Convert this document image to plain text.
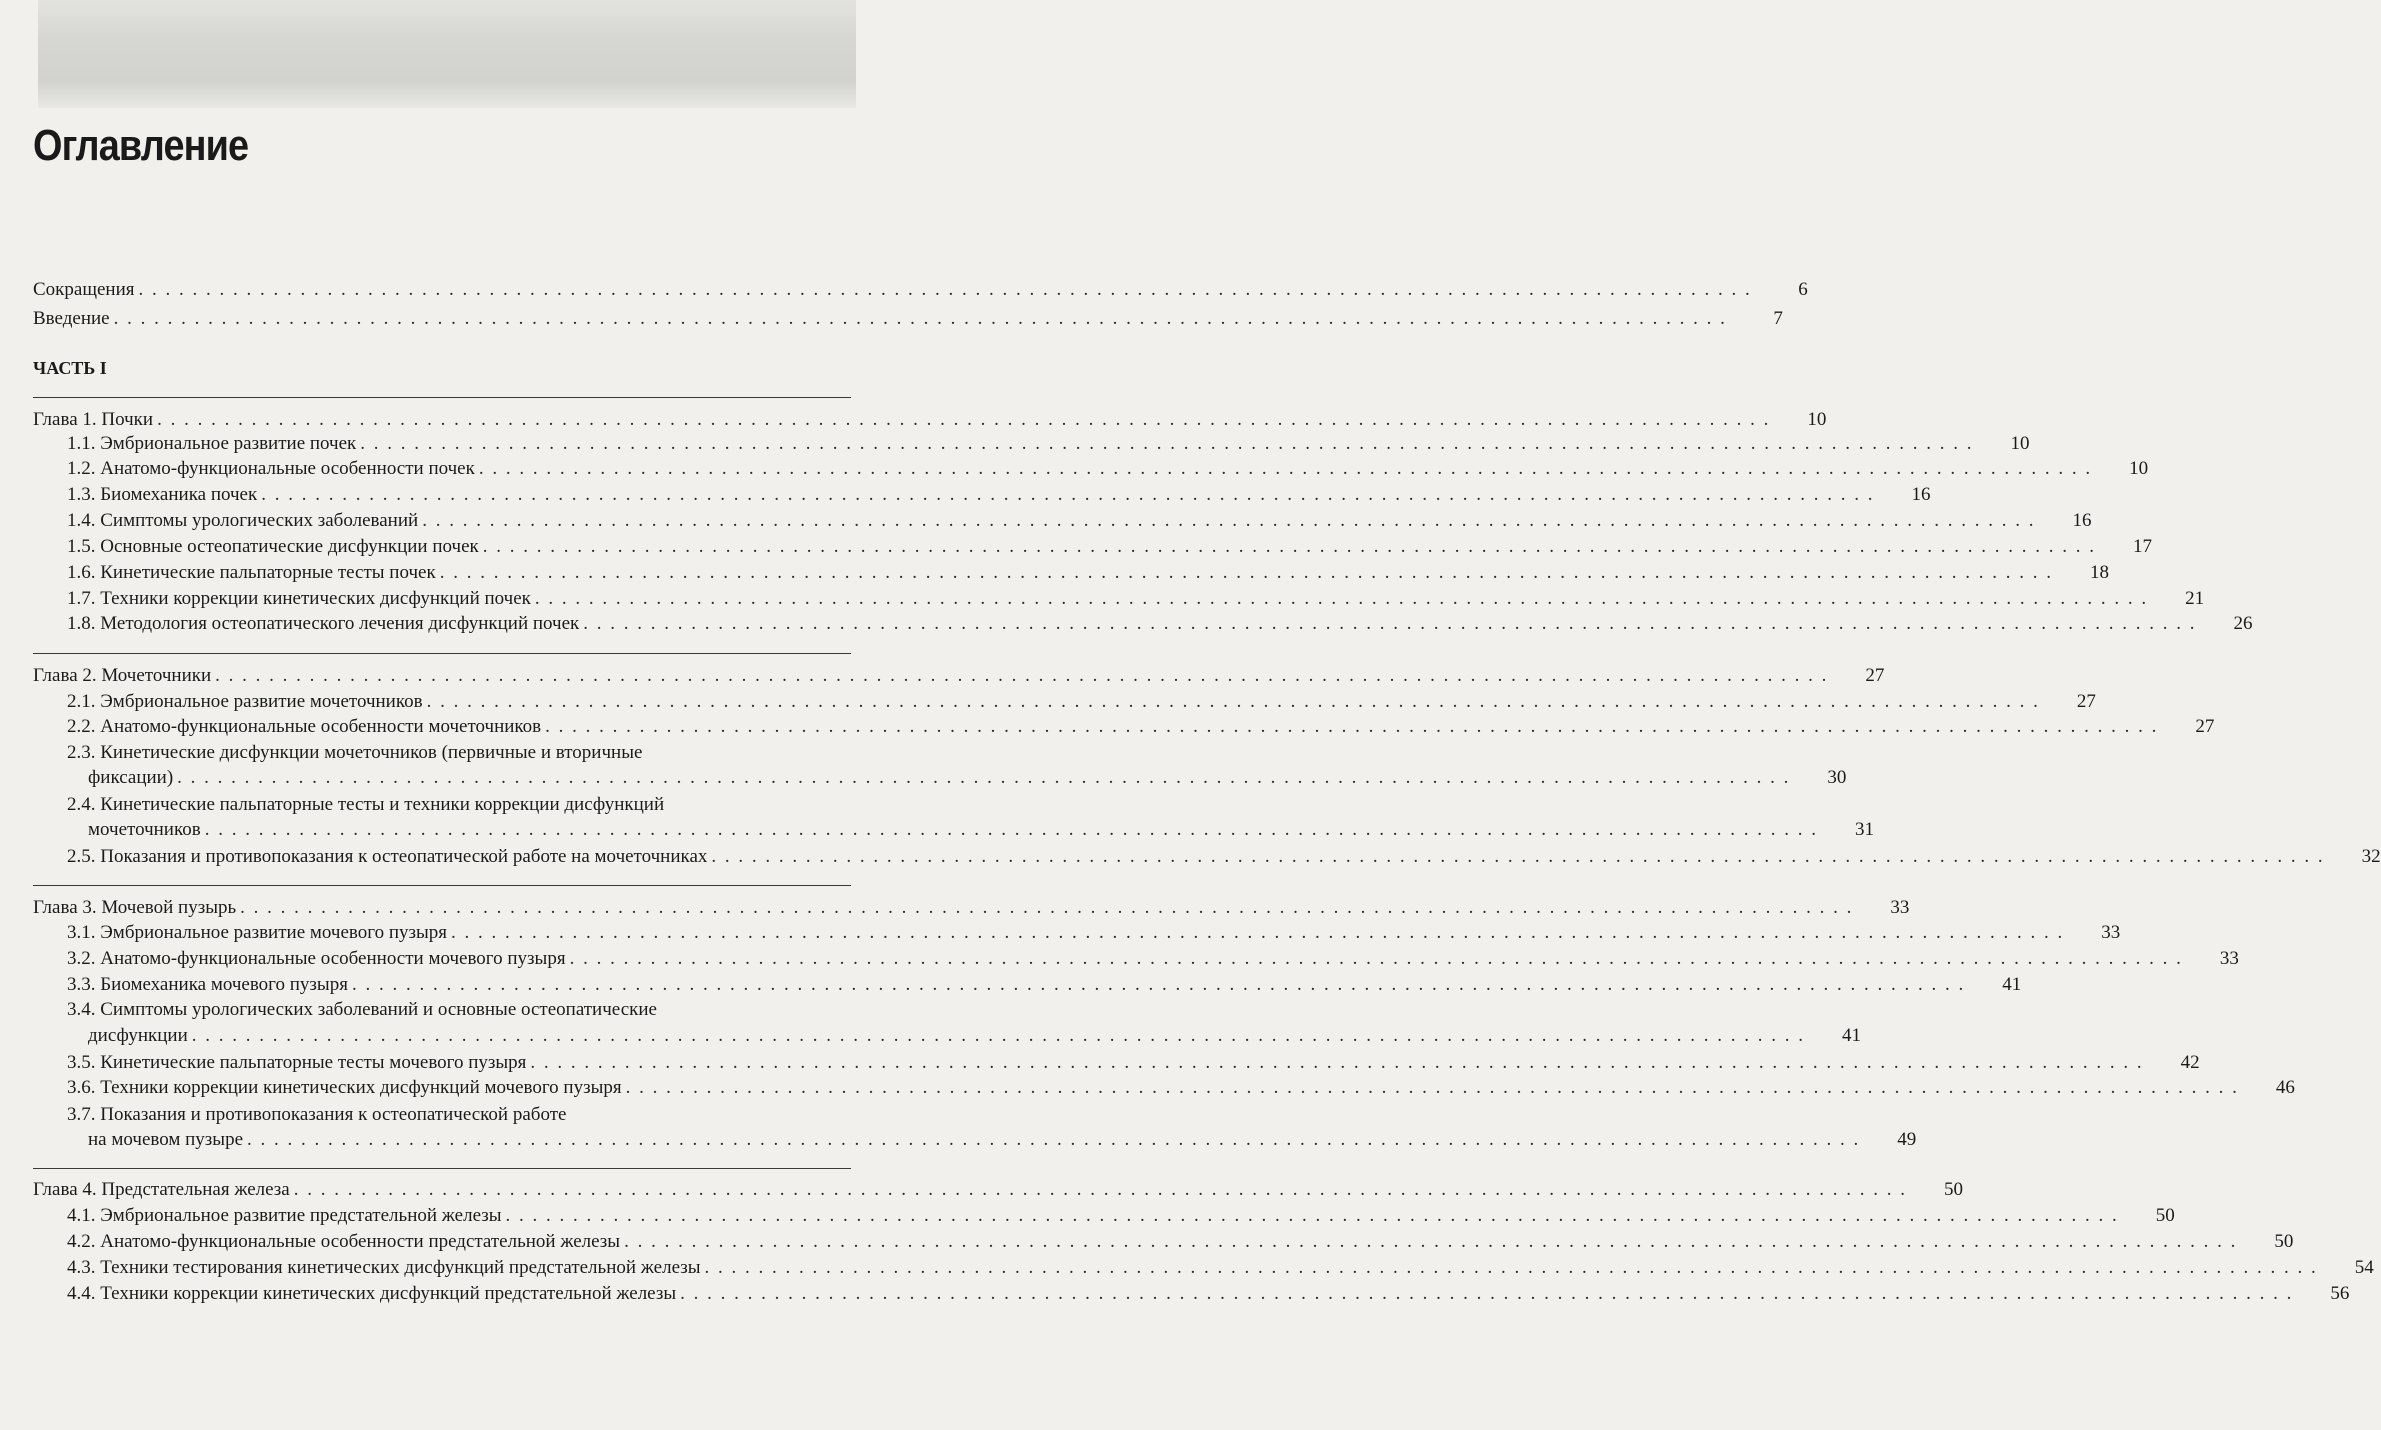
Оглавление
Сокращения . . . . . . . . . . . . . . . . . . . . . . . . . . . . . . . . . . . . . . . . . . . . . . . . . . . . . . . . . . . . . . . . . . . . . . . . . . . . . . . . . . . . . . . . . . . . . . . . . . . . . . . . . . . . . . . . . . . . . . . .	6
Введение . . . . . . . . . . . . . . . . . . . . . . . . . . . . . . . . . . . . . . . . . . . . . . . . . . . . . . . . . . . . . . . . . . . . . . . . . . . . . . . . . . . . . . . . . . . . . . . . . . . . . . . . . . . . . . . . . . . . . . . .	7
ЧАСТЬ I
Глава 1. Почки . . . . . . . . . . . . . . . . . . . . . . . . . . . . . . . . . . . . . . . . . . . . . . . . . . . . . . . . . . . . . . . . . . . . . . . . . . . . . . . . . . . . . . . . . . . . . . . . . . . . . . . . . . . . . . . . . . . . . . . .	10
1.1. Эмбриональное развитие почек . . . . . . . . . . . . . . . . . . . . . . . . . . . . . . . . . . . . . . . . . . . . . . . . . . . . . . . . . . . . . . . . . . . . . . . . . . . . . . . . . . . . . . . . . . . . . . . . . . . . . . . . . . . . . . . . . . . . . . . .	10
1.2. Анатомо-функциональные особенности почек . . . . . . . . . . . . . . . . . . . . . . . . . . . . . . . . . . . . . . . . . . . . . . . . . . . . . . . . . . . . . . . . . . . . . . . . . . . . . . . . . . . . . . . . . . . . . . . . . . . . . . . . . . . . . . . . . . . . . . . .	10
1.3. Биомеханика почек . . . . . . . . . . . . . . . . . . . . . . . . . . . . . . . . . . . . . . . . . . . . . . . . . . . . . . . . . . . . . . . . . . . . . . . . . . . . . . . . . . . . . . . . . . . . . . . . . . . . . . . . . . . . . . . . . . . . . . . .	16
1.4. Симптомы урологических заболеваний . . . . . . . . . . . . . . . . . . . . . . . . . . . . . . . . . . . . . . . . . . . . . . . . . . . . . . . . . . . . . . . . . . . . . . . . . . . . . . . . . . . . . . . . . . . . . . . . . . . . . . . . . . . . . . . . . . . . . . . .	16
1.5. Основные остеопатические дисфункции почек . . . . . . . . . . . . . . . . . . . . . . . . . . . . . . . . . . . . . . . . . . . . . . . . . . . . . . . . . . . . . . . . . . . . . . . . . . . . . . . . . . . . . . . . . . . . . . . . . . . . . . . . . . . . . . . . . . . . . . . .	17
1.6. Кинетические пальпаторные тесты почек . . . . . . . . . . . . . . . . . . . . . . . . . . . . . . . . . . . . . . . . . . . . . . . . . . . . . . . . . . . . . . . . . . . . . . . . . . . . . . . . . . . . . . . . . . . . . . . . . . . . . . . . . . . . . . . . . . . . . . . .	18
1.7. Техники коррекции кинетических дисфункций почек . . . . . . . . . . . . . . . . . . . . . . . . . . . . . . . . . . . . . . . . . . . . . . . . . . . . . . . . . . . . . . . . . . . . . . . . . . . . . . . . . . . . . . . . . . . . . . . . . . . . . . . . . . . . . . . . . . . . . . . .	21
1.8. Методология остеопатического лечения дисфункций почек . . . . . . . . . . . . . . . . . . . . . . . . . . . . . . . . . . . . . . . . . . . . . . . . . . . . . . . . . . . . . . . . . . . . . . . . . . . . . . . . . . . . . . . . . . . . . . . . . . . . . . . . . . . . . . . . . . . . . . . .	26
Глава 2. Мочеточники . . . . . . . . . . . . . . . . . . . . . . . . . . . . . . . . . . . . . . . . . . . . . . . . . . . . . . . . . . . . . . . . . . . . . . . . . . . . . . . . . . . . . . . . . . . . . . . . . . . . . . . . . . . . . . . . . . . . . . . .	27
2.1. Эмбриональное развитие мочеточников . . . . . . . . . . . . . . . . . . . . . . . . . . . . . . . . . . . . . . . . . . . . . . . . . . . . . . . . . . . . . . . . . . . . . . . . . . . . . . . . . . . . . . . . . . . . . . . . . . . . . . . . . . . . . . . . . . . . . . . .	27
2.2. Анатомо-функциональные особенности мочеточников . . . . . . . . . . . . . . . . . . . . . . . . . . . . . . . . . . . . . . . . . . . . . . . . . . . . . . . . . . . . . . . . . . . . . . . . . . . . . . . . . . . . . . . . . . . . . . . . . . . . . . . . . . . . . . . . . . . . . . . .	27
2.3. Кинетические дисфункции мочеточников (первичные и вторичные
фиксации) . . . . . . . . . . . . . . . . . . . . . . . . . . . . . . . . . . . . . . . . . . . . . . . . . . . . . . . . . . . . . . . . . . . . . . . . . . . . . . . . . . . . . . . . . . . . . . . . . . . . . . . . . . . . . . . . . . . . . . . .	30
2.4. Кинетические пальпаторные тесты и техники коррекции дисфункций
мочеточников . . . . . . . . . . . . . . . . . . . . . . . . . . . . . . . . . . . . . . . . . . . . . . . . . . . . . . . . . . . . . . . . . . . . . . . . . . . . . . . . . . . . . . . . . . . . . . . . . . . . . . . . . . . . . . . . . . . . . . . .	31
2.5. Показания и противопоказания к остеопатической работе на мочеточниках . . . . . . . . . . . . . . . . . . . . . . . . . . . . . . . . . . . . . . . . . . . . . . . . . . . . . . . . . . . . . . . . . . . . . . . . . . . . . . . . . . . . . . . . . . . . . . . . . . . . . . . . . . . . . . . . . . . . . . . .	32
Глава 3. Мочевой пузырь . . . . . . . . . . . . . . . . . . . . . . . . . . . . . . . . . . . . . . . . . . . . . . . . . . . . . . . . . . . . . . . . . . . . . . . . . . . . . . . . . . . . . . . . . . . . . . . . . . . . . . . . . . . . . . . . . . . . . . . .	33
3.1. Эмбриональное развитие мочевого пузыря . . . . . . . . . . . . . . . . . . . . . . . . . . . . . . . . . . . . . . . . . . . . . . . . . . . . . . . . . . . . . . . . . . . . . . . . . . . . . . . . . . . . . . . . . . . . . . . . . . . . . . . . . . . . . . . . . . . . . . . .	33
3.2. Анатомо-функциональные особенности мочевого пузыря . . . . . . . . . . . . . . . . . . . . . . . . . . . . . . . . . . . . . . . . . . . . . . . . . . . . . . . . . . . . . . . . . . . . . . . . . . . . . . . . . . . . . . . . . . . . . . . . . . . . . . . . . . . . . . . . . . . . . . . .	33
3.3. Биомеханика мочевого пузыря . . . . . . . . . . . . . . . . . . . . . . . . . . . . . . . . . . . . . . . . . . . . . . . . . . . . . . . . . . . . . . . . . . . . . . . . . . . . . . . . . . . . . . . . . . . . . . . . . . . . . . . . . . . . . . . . . . . . . . . .	41
3.4. Симптомы урологических заболеваний и основные остеопатические
дисфункции . . . . . . . . . . . . . . . . . . . . . . . . . . . . . . . . . . . . . . . . . . . . . . . . . . . . . . . . . . . . . . . . . . . . . . . . . . . . . . . . . . . . . . . . . . . . . . . . . . . . . . . . . . . . . . . . . . . . . . . .	41
3.5. Кинетические пальпаторные тесты мочевого пузыря . . . . . . . . . . . . . . . . . . . . . . . . . . . . . . . . . . . . . . . . . . . . . . . . . . . . . . . . . . . . . . . . . . . . . . . . . . . . . . . . . . . . . . . . . . . . . . . . . . . . . . . . . . . . . . . . . . . . . . . .	42
3.6. Техники коррекции кинетических дисфункций мочевого пузыря . . . . . . . . . . . . . . . . . . . . . . . . . . . . . . . . . . . . . . . . . . . . . . . . . . . . . . . . . . . . . . . . . . . . . . . . . . . . . . . . . . . . . . . . . . . . . . . . . . . . . . . . . . . . . . . . . . . . . . . .	46
3.7. Показания и противопоказания к остеопатической работе
на мочевом пузыре . . . . . . . . . . . . . . . . . . . . . . . . . . . . . . . . . . . . . . . . . . . . . . . . . . . . . . . . . . . . . . . . . . . . . . . . . . . . . . . . . . . . . . . . . . . . . . . . . . . . . . . . . . . . . . . . . . . . . . . .	49
Глава 4. Предстательная железа . . . . . . . . . . . . . . . . . . . . . . . . . . . . . . . . . . . . . . . . . . . . . . . . . . . . . . . . . . . . . . . . . . . . . . . . . . . . . . . . . . . . . . . . . . . . . . . . . . . . . . . . . . . . . . . . . . . . . . . .	50
4.1. Эмбриональное развитие предстательной железы . . . . . . . . . . . . . . . . . . . . . . . . . . . . . . . . . . . . . . . . . . . . . . . . . . . . . . . . . . . . . . . . . . . . . . . . . . . . . . . . . . . . . . . . . . . . . . . . . . . . . . . . . . . . . . . . . . . . . . . .	50
4.2. Анатомо-функциональные особенности предстательной железы . . . . . . . . . . . . . . . . . . . . . . . . . . . . . . . . . . . . . . . . . . . . . . . . . . . . . . . . . . . . . . . . . . . . . . . . . . . . . . . . . . . . . . . . . . . . . . . . . . . . . . . . . . . . . . . . . . . . . . . .	50
4.3. Техники тестирования кинетических дисфункций предстательной железы . . . . . . . . . . . . . . . . . . . . . . . . . . . . . . . . . . . . . . . . . . . . . . . . . . . . . . . . . . . . . . . . . . . . . . . . . . . . . . . . . . . . . . . . . . . . . . . . . . . . . . . . . . . . . . . . . . . . . . . .	54
4.4. Техники коррекции кинетических дисфункций предстательной железы . . . . . . . . . . . . . . . . . . . . . . . . . . . . . . . . . . . . . . . . . . . . . . . . . . . . . . . . . . . . . . . . . . . . . . . . . . . . . . . . . . . . . . . . . . . . . . . . . . . . . . . . . . . . . . . . . . . . . . . .	56
